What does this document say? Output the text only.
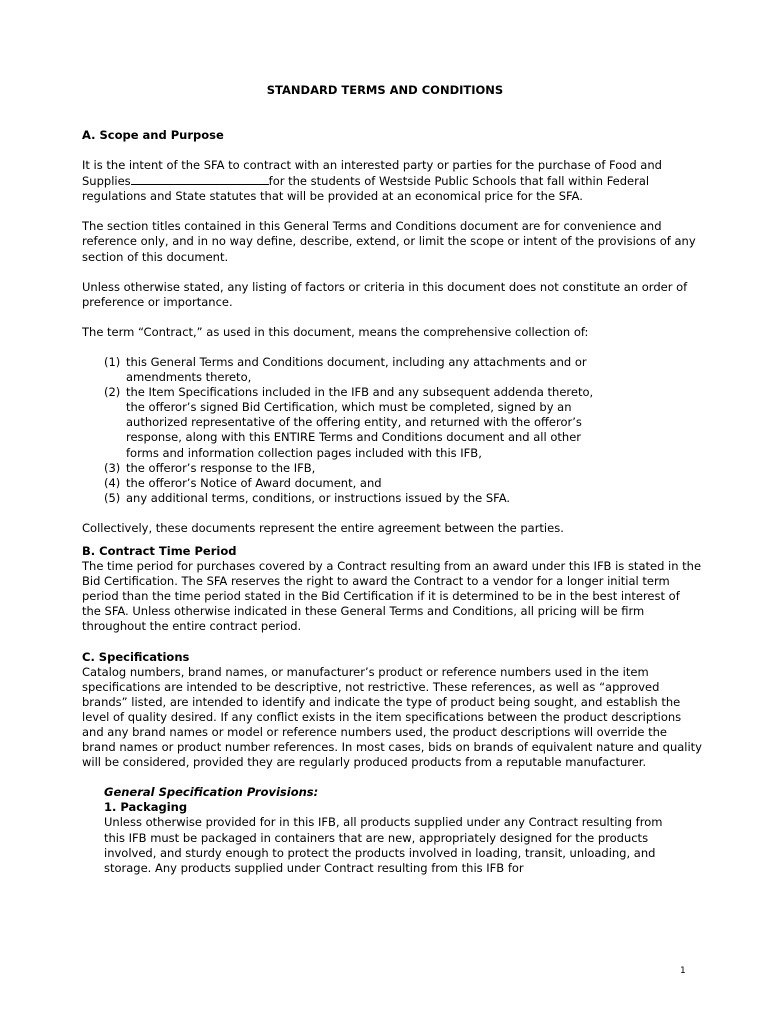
STANDARD TERMS AND CONDITIONS

A. Scope and Purpose

It is the intent of the SFA to contract with an interested party or parties for the purchase of Food and Supplies	for the students of Westside Public Schools that fall within Federal regulations and State statutes that will be provided at an economical price for the SFA.

The section titles contained in this General Terms and Conditions document are for convenience and reference only, and in no way define, describe, extend, or limit the scope or intent of the provisions of any section of this document.

Unless otherwise stated, any listing of factors or criteria in this document does not constitute an order of preference or importance.

The term “Contract,” as used in this document, means the comprehensive collection of:

(1) this General Terms and Conditions document, including any attachments and or amendments thereto,
(2) the Item Specifications included in the IFB and any subsequent addenda thereto, the offeror’s signed Bid Certification, which must be completed, signed by an authorized representative of the offering entity, and returned with the offeror’s response, along with this ENTIRE Terms and Conditions document and all other forms and information collection pages included with this IFB,
(3) the offeror’s response to the IFB,
(4) the offeror’s Notice of Award document, and
(5) any additional terms, conditions, or instructions issued by the SFA.

Collectively, these documents represent the entire agreement between the parties.

B. Contract Time Period

The time period for purchases covered by a Contract resulting from an award under this IFB is stated in the Bid Certification. The SFA reserves the right to award the Contract to a vendor for a longer initial term period than the time period stated in the Bid Certification if it is determined to be in the best interest of the SFA. Unless otherwise indicated in these General Terms and Conditions, all pricing will be firm throughout the entire contract period.

C. Specifications

Catalog numbers, brand names, or manufacturer’s product or reference numbers used in the item specifications are intended to be descriptive, not restrictive. These references, as well as “approved brands” listed, are intended to identify and indicate the type of product being sought, and establish the level of quality desired. If any conflict exists in the item specifications between the product descriptions and any brand names or model or reference numbers used, the product descriptions will override the brand names or product number references. In most cases, bids on brands of equivalent nature and quality will be considered, provided they are regularly produced products from a reputable manufacturer.

General Specification Provisions:

1. Packaging

Unless otherwise provided for in this IFB, all products supplied under any Contract resulting from this IFB must be packaged in containers that are new, appropriately designed for the products involved, and sturdy enough to protect the products involved in loading, transit, unloading, and storage. Any products supplied under Contract resulting from this IFB for

1
